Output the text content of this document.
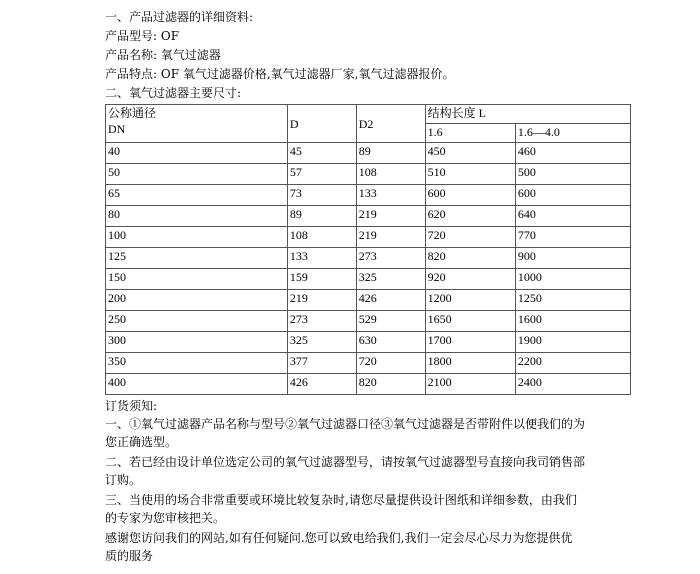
一、产品过滤器的详细资料:

产品型号: OF

产品名称: 氧气过滤器

产品特点: OF 氧气过滤器价格,氧气过滤器厂家,氧气过滤器报价。

二、氧气过滤器主要尺寸:

公称通径
DN	D	D2	结构长度 L	
			1.6	1.6—4.0
40	45	89	450	460
50	57	108	510	500
65	73	133	600	600
80	89	219	620	640
100	108	219	720	770
125	133	273	820	900
150	159	325	920	1000
200	219	426	1200	1250
250	273	529	1650	1600
300	325	630	1700	1900
350	377	720	1800	2200
400	426	820	2100	2400

订货须知:

一、①氧气过滤器产品名称与型号②氧气过滤器口径③氧气过滤器是否带附件以便我们的为
您正确选型。

二、若已经由设计单位选定公司的氧气过滤器型号，请按氧气过滤器型号直接向我司销售部
订购。

三、当使用的场合非常重要或环境比较复杂时,请您尽量提供设计图纸和详细参数，由我们
的专家为您审核把关。

感谢您访问我们的网站,如有任何疑问.您可以致电给我们,我们一定会尽心尽力为您提供优
质的服务
